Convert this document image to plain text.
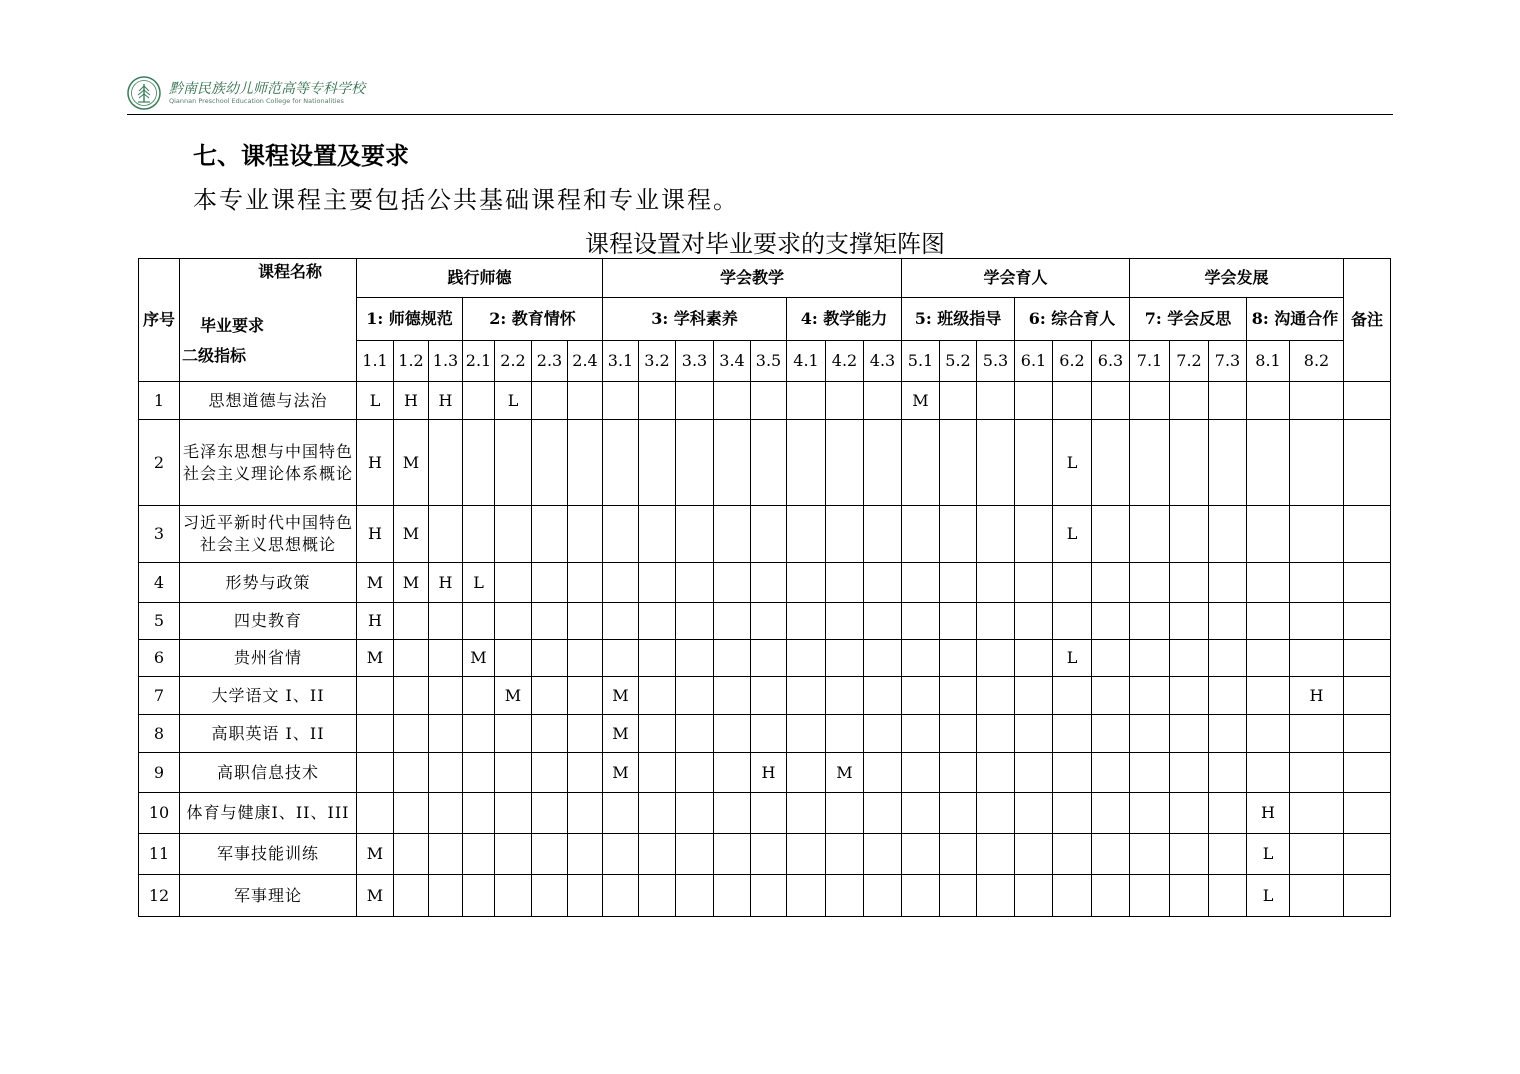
黔南民族幼儿师范高等专科学校
Qiannan Preschool Education College for Nationalities
七、课程设置及要求
本专业课程主要包括公共基础课程和专业课程。
课程设置对毕业要求的支撑矩阵图
序号	课程名称
毕业要求
二级指标	践行师德							学会教学								学会育人						学会发展					备注
		1: 师德规范			2: 教育情怀				3: 学科素养					4: 教学能力			5: 班级指导			6: 综合育人			7: 学会反思			8: 沟通合作		
		1.1	1.2	1.3	2.1	2.2	2.3	2.4	3.1	3.2	3.3	3.4	3.5	4.1	4.2	4.3	5.1	5.2	5.3	6.1	6.2	6.3	7.1	7.2	7.3	8.1	8.2	
1	思想道德与法治	L	H	H		L											M											
2	毛泽东思想与中国特色社会主义理论体系概论	H	M																		L							
3	习近平新时代中国特色社会主义思想概论	H	M																		L							
4	形势与政策	M	M	H	L																							
5	四史教育	H																										
6	贵州省情	M			M																L							
7	大学语文 I、II					M			M																		H	
8	高职英语 I、II								M																			
9	高职信息技术								M				H		M													
10	体育与健康I、II、III																									H		
11	军事技能训练	M																								L		
12	军事理论	M																								L		
